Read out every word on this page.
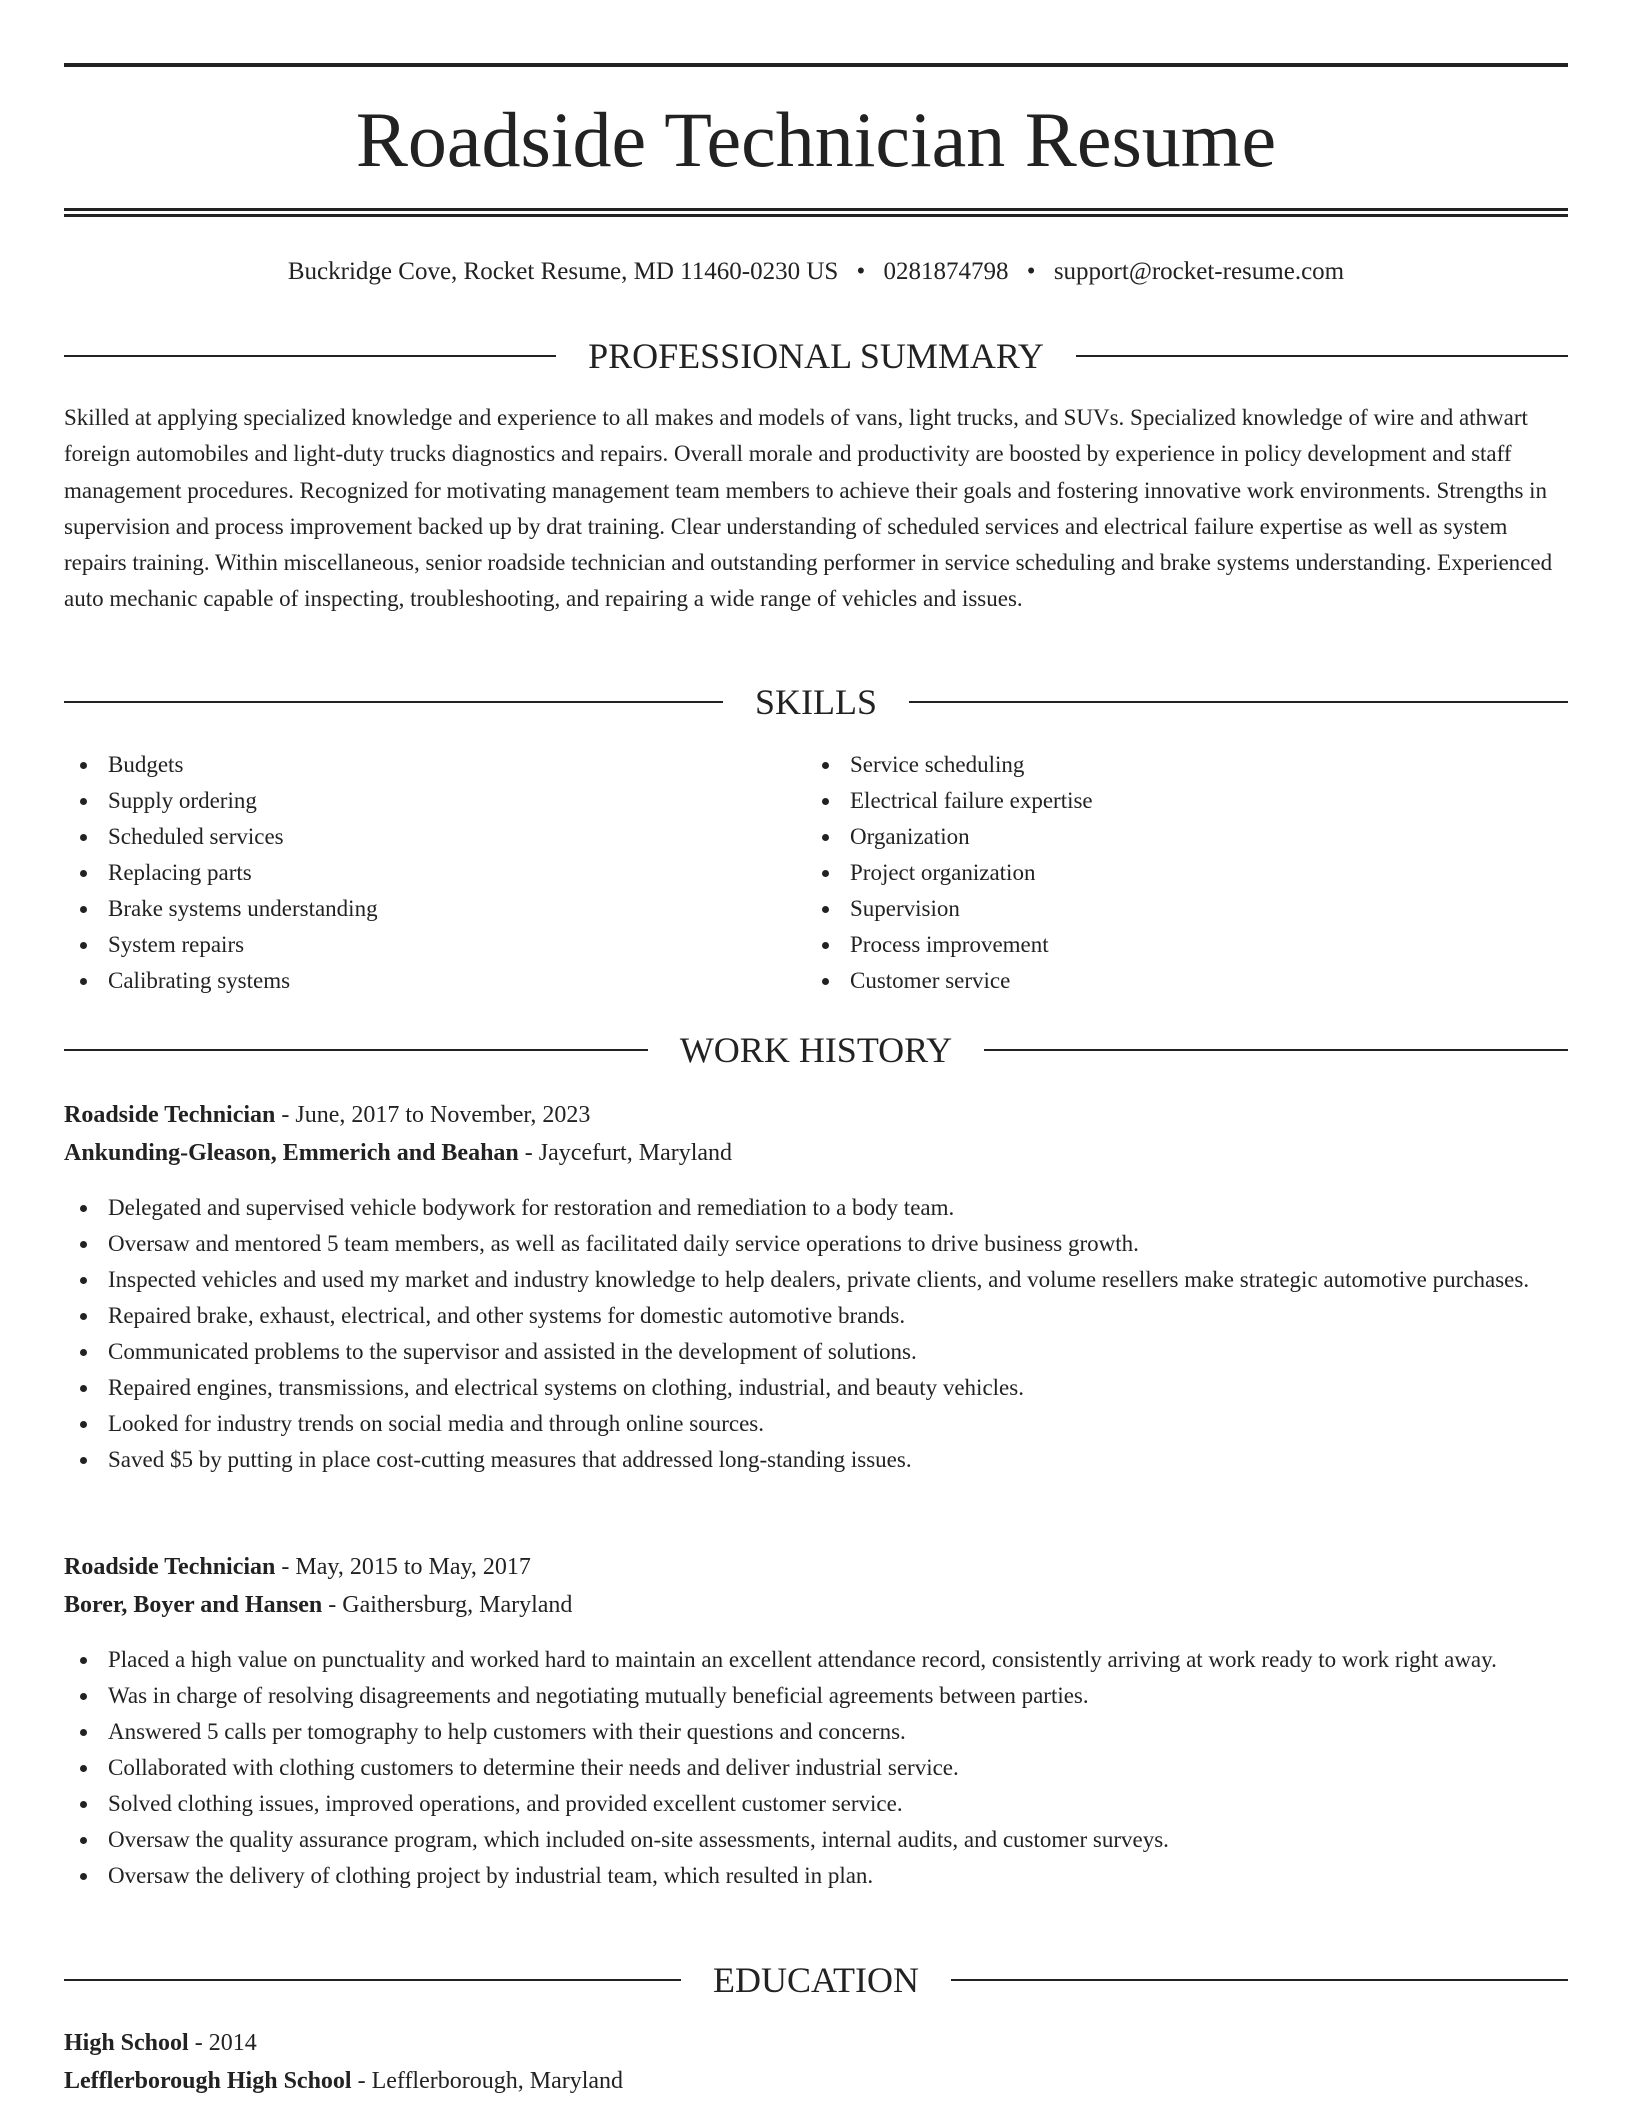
Roadside Technician Resume
Buckridge Cove, Rocket Resume, MD 11460-0230 US • 0281874798 • support@rocket-resume.com
PROFESSIONAL SUMMARY

Skilled at applying specialized knowledge and experience to all makes and models of vans, light trucks, and SUVs. Specialized knowledge of wire and athwart foreign automobiles and light-duty trucks diagnostics and repairs. Overall morale and productivity are boosted by experience in policy development and staff management procedures. Recognized for motivating management team members to achieve their goals and fostering innovative work environments. Strengths in supervision and process improvement backed up by drat training. Clear understanding of scheduled services and electrical failure expertise as well as system repairs training. Within miscellaneous, senior roadside technician and outstanding performer in service scheduling and brake systems understanding. Experienced auto mechanic capable of inspecting, troubleshooting, and repairing a wide range of vehicles and issues.

SKILLS
Budgets
Supply ordering
Scheduled services
Replacing parts
Brake systems understanding
System repairs
Calibrating systems
Service scheduling
Electrical failure expertise
Organization
Project organization
Supervision
Process improvement
Customer service
WORK HISTORY
Roadside Technician - June, 2017 to November, 2023
Ankunding-Gleason, Emmerich and Beahan - Jaycefurt, Maryland
Delegated and supervised vehicle bodywork for restoration and remediation to a body team.
Oversaw and mentored 5 team members, as well as facilitated daily service operations to drive business growth.
Inspected vehicles and used my market and industry knowledge to help dealers, private clients, and volume resellers make strategic automotive purchases.
Repaired brake, exhaust, electrical, and other systems for domestic automotive brands.
Communicated problems to the supervisor and assisted in the development of solutions.
Repaired engines, transmissions, and electrical systems on clothing, industrial, and beauty vehicles.
Looked for industry trends on social media and through online sources.
Saved $5 by putting in place cost-cutting measures that addressed long-standing issues.
Roadside Technician - May, 2015 to May, 2017
Borer, Boyer and Hansen - Gaithersburg, Maryland
Placed a high value on punctuality and worked hard to maintain an excellent attendance record, consistently arriving at work ready to work right away.
Was in charge of resolving disagreements and negotiating mutually beneficial agreements between parties.
Answered 5 calls per tomography to help customers with their questions and concerns.
Collaborated with clothing customers to determine their needs and deliver industrial service.
Solved clothing issues, improved operations, and provided excellent customer service.
Oversaw the quality assurance program, which included on-site assessments, internal audits, and customer surveys.
Oversaw the delivery of clothing project by industrial team, which resulted in plan.
EDUCATION
High School - 2014
Lefflerborough High School - Lefflerborough, Maryland
